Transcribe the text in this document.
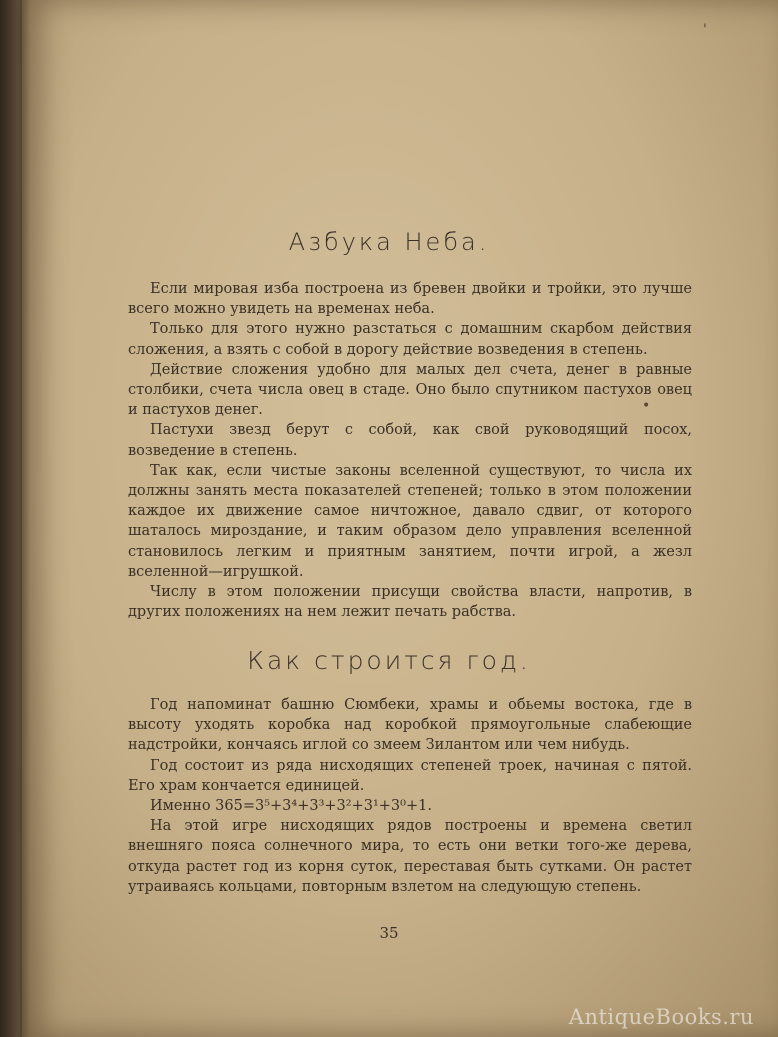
Азбука Неба.

Если мировая изба построена из бревен двойки и тройки, это лучше всего можно увидеть на временах неба.

Только для этого нужно разстаться с домашним скарбом действия сложения, а взять с собой в дорогу действие возведения в степень.

Действие сложения удобно для малых дел счета, денег в равные столбики, счета числа овец в стаде. Оно было спутником пастухов овец и пастухов денег.

Пастухи звезд берут с собой, как свой руководящий посох, возведение в степень.

Так как, если чистые законы вселенной существуют, то числа их должны занять места показателей степеней; только в этом положении каждое их движение самое ничтожное, давало сдвиг, от которого шаталось мироздание, и таким образом дело управления вселенной становилось легким и приятным занятием, почти игрой, а жезл вселенной—игрушкой.

Числу в этом положении присущи свойства власти, напротив, в других положениях на нем лежит печать рабства.

Как строится год.

Год напоминат башню Сюмбеки, храмы и обьемы востока, где в высоту уходять коробка над коробкой прямоугольные слабеющие надстройки, кончаясь иглой со змеем Зилантом или чем нибудь.

Год состоит из ряда нисходящих степеней троек, начиная с пятой. Его храм кончается единицей.

Именно 365=3⁵+3⁴+3³+3²+3¹+3⁰+1.

На этой игре нисходящих рядов построены и времена светил внешняго пояса солнечного мира, то есть они ветки того-же дерева, откуда растет год из корня суток, переставая быть сутками. Он растет утраиваясь кольцами, повторным взлетом на следующую степень.

35
'
•
AntiqueBooks.ru
